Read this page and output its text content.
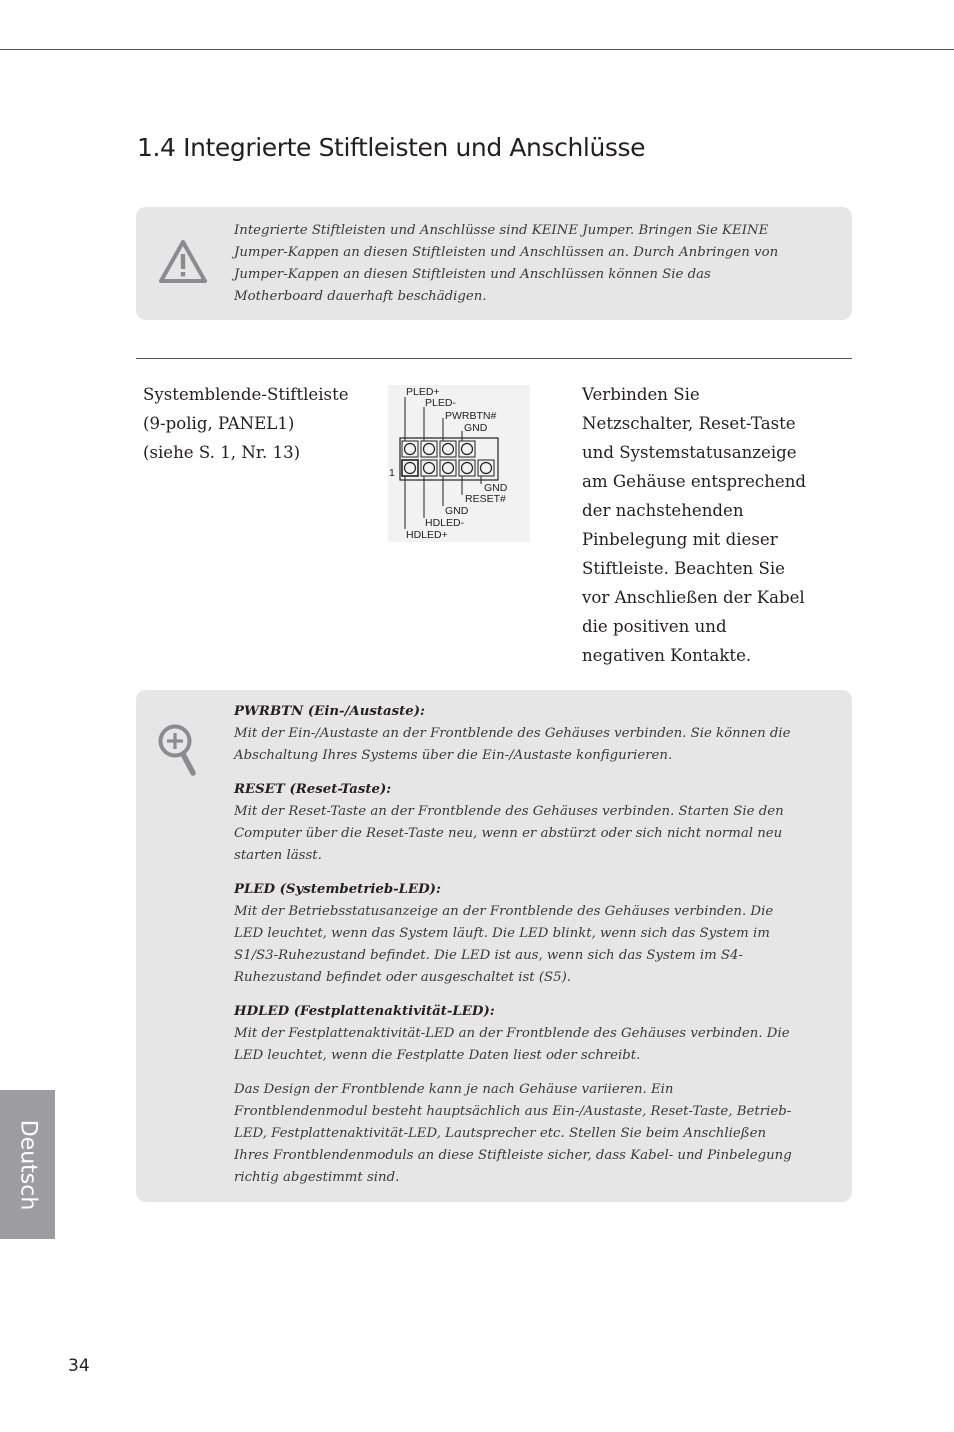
1.4 Integrierte Stiftleisten und Anschlüsse

Integrierte Stiftleisten und Anschlüsse sind KEINE Jumper. Bringen Sie KEINE Jumper-Kappen an diesen Stiftleisten und Anschlüssen an. Durch Anbringen von Jumper-Kappen an diesen Stiftleisten und Anschlüssen können Sie das Motherboard dauerhaft beschädigen.

Systemblende-Stiftleiste
(9-polig, PANEL1)
(siehe S. 1, Nr. 13)
PLED+
PLED-
PWRBTN#
GND
1
GND
RESET#
GND
HDLED-
HDLED+

Verbinden Sie Netzschalter, Reset-Taste und Systemstatusanzeige am Gehäuse entsprechend der nachstehenden Pinbelegung mit dieser Stiftleiste. Beachten Sie vor Anschließen der Kabel die positiven und negativen Kontakte.

PWRBTN (Ein-/Austaste):
Mit der Ein-/Austaste an der Frontblende des Gehäuses verbinden. Sie können die Abschaltung Ihres Systems über die Ein-/Austaste konfigurieren.

RESET (Reset-Taste):
Mit der Reset-Taste an der Frontblende des Gehäuses verbinden. Starten Sie den Computer über die Reset-Taste neu, wenn er abstürzt oder sich nicht normal neu starten lässt.

PLED (Systembetrieb-LED):
Mit der Betriebsstatusanzeige an der Frontblende des Gehäuses verbinden. Die LED leuchtet, wenn das System läuft. Die LED blinkt, wenn sich das System im S1/S3-Ruhezustand befindet. Die LED ist aus, wenn sich das System im S4-Ruhezustand befindet oder ausgeschaltet ist (S5).

HDLED (Festplattenaktivität-LED):
Mit der Festplattenaktivität-LED an der Frontblende des Gehäuses verbinden. Die LED leuchtet, wenn die Festplatte Daten liest oder schreibt.

Das Design der Frontblende kann je nach Gehäuse variieren. Ein Frontblendenmodul besteht hauptsächlich aus Ein-/Austaste, Reset-Taste, Betrieb-LED, Festplattenaktivität-LED, Lautsprecher etc. Stellen Sie beim Anschließen Ihres Frontblendenmoduls an diese Stiftleiste sicher, dass Kabel- und Pinbelegung richtig abgestimmt sind.

Deutsch
34
